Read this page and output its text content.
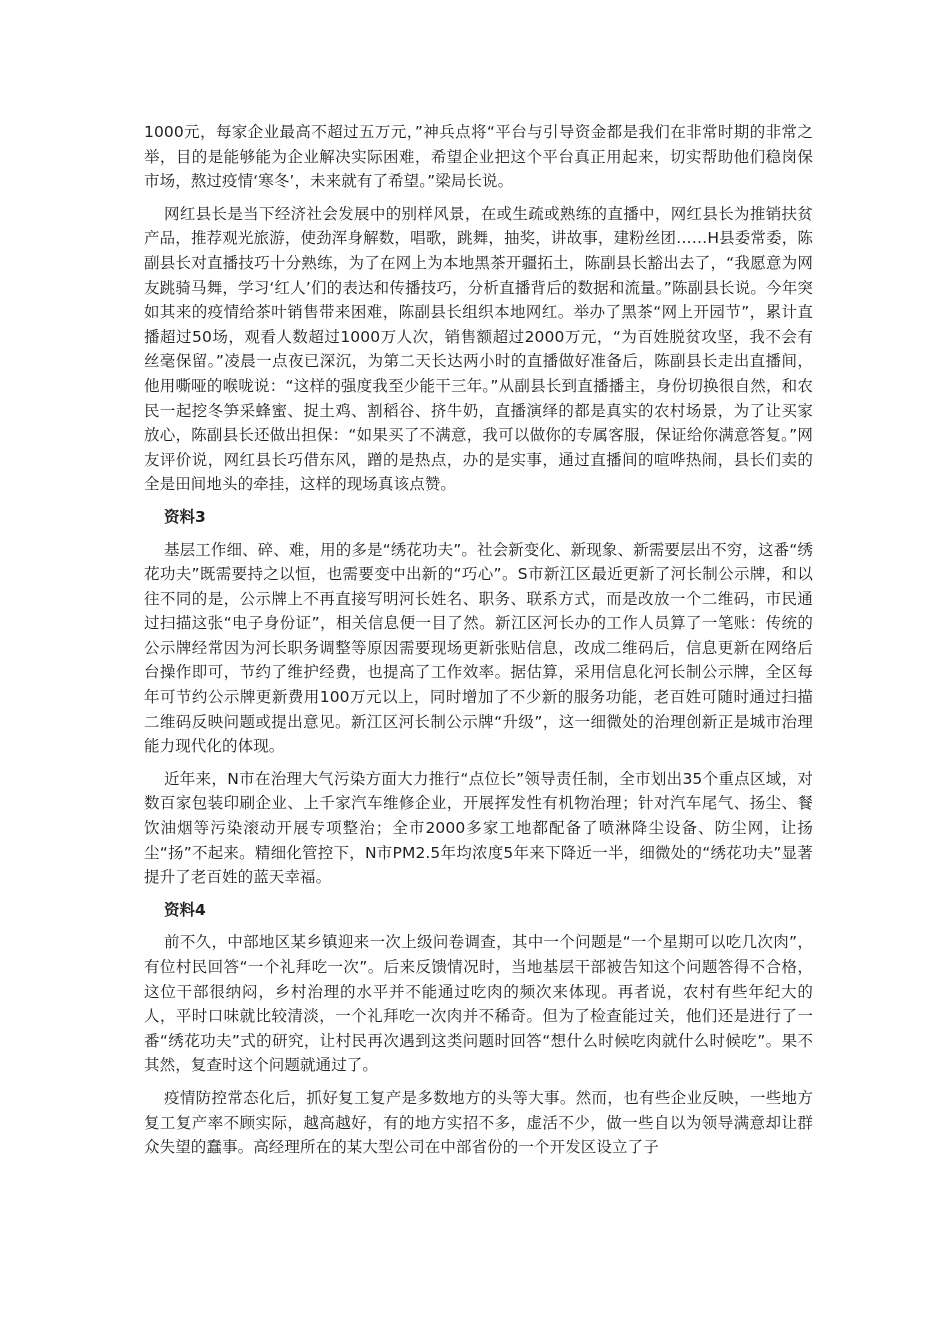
1000元，每家企业最高不超过五万元，”神兵点将“平台与引导资金都是我们在非常时期的非常之举，目的是能够能为企业解决实际困难，希望企业把这个平台真正用起来，切实帮助他们稳岗保市场，熬过疫情‘寒冬’，未来就有了希望。”梁局长说。

网红县长是当下经济社会发展中的别样风景，在或生疏或熟练的直播中，网红县长为推销扶贫产品，推荐观光旅游，使劲浑身解数，唱歌，跳舞，抽奖，讲故事，建粉丝团……H县委常委，陈副县长对直播技巧十分熟练，为了在网上为本地黑茶开疆拓土，陈副县长豁出去了，“我愿意为网友跳骑马舞，学习‘红人’们的表达和传播技巧，分析直播背后的数据和流量。”陈副县长说。今年突如其来的疫情给茶叶销售带来困难，陈副县长组织本地网红。举办了黑茶“网上开园节”，累计直播超过50场，观看人数超过1000万人次，销售额超过2000万元，“为百姓脱贫攻坚，我不会有丝毫保留。”凌晨一点夜已深沉，为第二天长达两小时的直播做好准备后，陈副县长走出直播间，他用嘶哑的喉咙说：“这样的强度我至少能干三年。”从副县长到直播播主，身份切换很自然，和农民一起挖冬笋采蜂蜜、捉土鸡、割稻谷、挤牛奶，直播演绎的都是真实的农村场景，为了让买家放心，陈副县长还做出担保：“如果买了不满意，我可以做你的专属客服，保证给你满意答复。”网友评价说，网红县长巧借东风，蹭的是热点，办的是实事，通过直播间的喧哗热闹，县长们卖的全是田间地头的牵挂，这样的现场真该点赞。

资料3

基层工作细、碎、难，用的多是“绣花功夫”。社会新变化、新现象、新需要层出不穷，这番“绣花功夫”既需要持之以恒，也需要变中出新的“巧心”。S市新江区最近更新了河长制公示牌，和以往不同的是，公示牌上不再直接写明河长姓名、职务、联系方式，而是改放一个二维码，市民通过扫描这张“电子身份证”，相关信息便一目了然。新江区河长办的工作人员算了一笔账：传统的公示牌经常因为河长职务调整等原因需要现场更新张贴信息，改成二维码后，信息更新在网络后台操作即可，节约了维护经费，也提高了工作效率。据估算，采用信息化河长制公示牌，全区每年可节约公示牌更新费用100万元以上，同时增加了不少新的服务功能，老百姓可随时通过扫描二维码反映问题或提出意见。新江区河长制公示牌“升级”，这一细微处的治理创新正是城市治理能力现代化的体现。

近年来，N市在治理大气污染方面大力推行“点位长”领导责任制，全市划出35个重点区域，对数百家包装印刷企业、上千家汽车维修企业，开展挥发性有机物治理；针对汽车尾气、扬尘、餐饮油烟等污染滚动开展专项整治；全市2000多家工地都配备了喷淋降尘设备、防尘网，让扬尘“扬”不起来。精细化管控下，N市PM2.5年均浓度5年来下降近一半，细微处的“绣花功夫”显著提升了老百姓的蓝天幸福。

资料4

前不久，中部地区某乡镇迎来一次上级问卷调查，其中一个问题是“一个星期可以吃几次肉”，有位村民回答“一个礼拜吃一次”。后来反馈情况时，当地基层干部被告知这个问题答得不合格，这位干部很纳闷，乡村治理的水平并不能通过吃肉的频次来体现。再者说，农村有些年纪大的人，平时口味就比较清淡，一个礼拜吃一次肉并不稀奇。但为了检查能过关，他们还是进行了一番“绣花功夫”式的研究，让村民再次遇到这类问题时回答“想什么时候吃肉就什么时候吃”。果不其然，复查时这个问题就通过了。

疫情防控常态化后，抓好复工复产是多数地方的头等大事。然而，也有些企业反映，一些地方复工复产率不顾实际，越高越好，有的地方实招不多，虚活不少，做一些自以为领导满意却让群众失望的蠢事。高经理所在的某大型公司在中部省份的一个开发区设立了子
